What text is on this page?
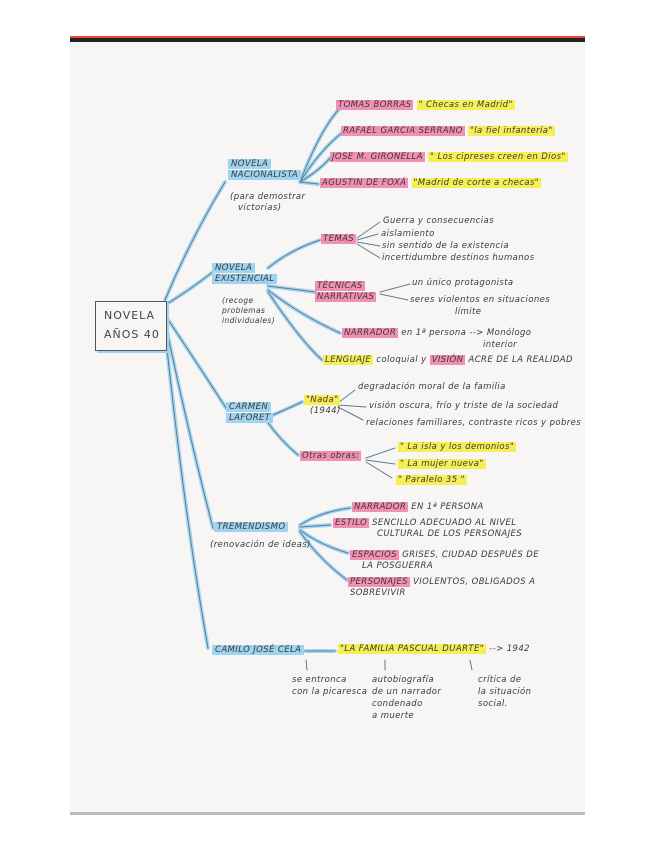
NOVELA
AÑOS 40
NOVELA
NACIONALISTA
(para demostrar
victorias)
TOMAS BORRAS " Checas en Madrid"
RAFAEL GARCIA SERRANO "la fiel infantería"
JOSE M. GIRONELLA " Los cipreses creen en Dios"
AGUSTIN DE FOXÁ "Madrid de corte a checas"
NOVELA
EXISTENCIAL
(recoge
problemas
individuales)
TEMAS
Guerra y consecuencias
aislamiento
sin sentido de la existencia
incertidumbre destinos humanos
TÉCNICAS
NARRATIVAS
un único protagonista
seres violentos en situaciones
límite
NARRADOR en 1ª persona --> Monólogo
interior
LENGUAJE coloquial y VISIÓN ACRE DE LA REALIDAD
CARMEN
LAFORET
"Nada"
(1944)
degradación moral de la familia
visión oscura, frío y triste de la sociedad
relaciones familiares, contraste ricos y pobres
Otras obras:
" La isla y los demonios"
" La mujer nueva"
" Paralelo 35 "
TREMENDISMO
(renovación de ideas)
NARRADOR EN 1ª PERSONA
ESTILO SENCILLO ADECUADO AL NIVEL
CULTURAL DE LOS PERSONAJES
ESPACIOS GRISES, CIUDAD DESPUÉS DE
LA POSGUERRA
PERSONAJES VIOLENTOS, OBLIGADOS A
SOBREVIVIR
CAMILO JOSÉ CELA	"LA FAMILIA PASCUAL DUARTE" --> 1942
se entronca
con la picaresca
autobiografía
de un narrador
condenado
a muerte
crítica de
la situación
social.
